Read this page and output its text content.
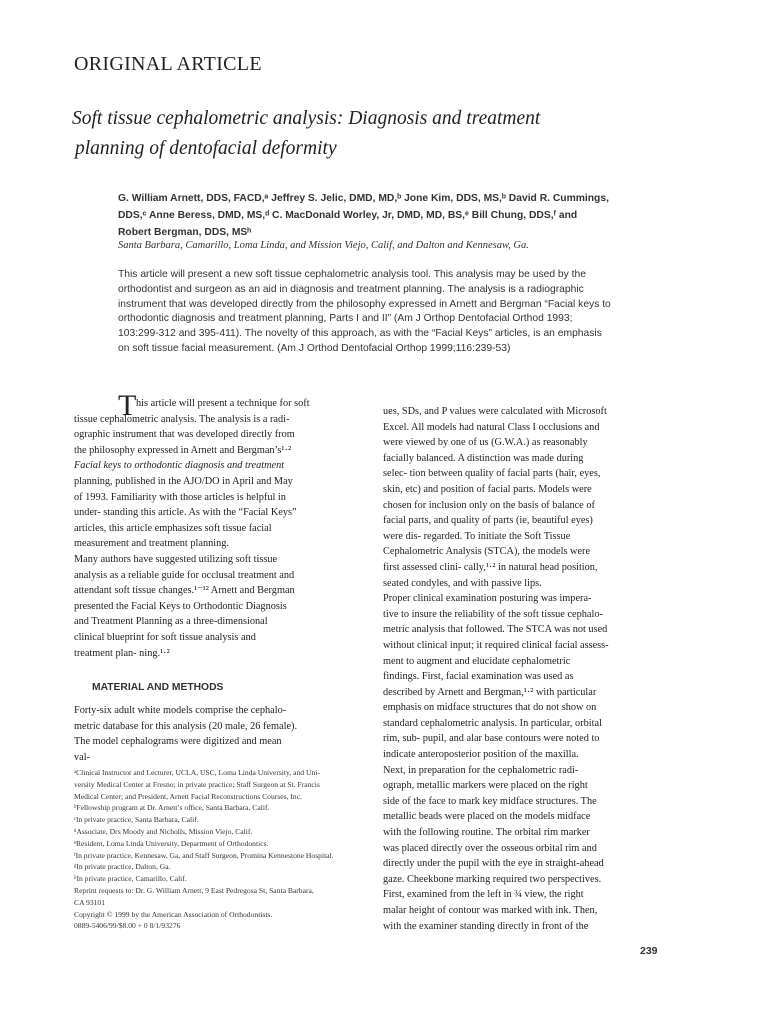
ORIGINAL ARTICLE
Soft tissue cephalometric analysis: Diagnosis and treatment
planning of dentofacial deformity
G. William Arnett, DDS, FACD,ᵃ Jeffrey S. Jelic, DMD, MD,ᵇ Jone Kim, DDS, MS,ᵇ David R. Cummings,
DDS,ᶜ Anne Beress, DMD, MS,ᵈ C. MacDonald Worley, Jr, DMD, MD, BS,ᵉ Bill Chung, DDS,ᶠ and
Robert Bergman, DDS, MSʰ
Santa Barbara, Camarillo, Loma Linda, and Mission Viejo, Calif, and Dalton and Kennesaw, Ga.
This article will present a new soft tissue cephalometric analysis tool. This analysis may be used by the
orthodontist and surgeon as an aid in diagnosis and treatment planning. The analysis is a radiographic
instrument that was developed directly from the philosophy expressed in Arnett and Bergman “Facial keys to
orthodontic diagnosis and treatment planning, Parts I and II” (Am J Orthop Dentofacial Orthod 1993;
103:299-312 and 395-411). The novelty of this approach, as with the “Facial Keys” articles, is an emphasis
on soft tissue facial measurement. (Am J Orthod Dentofacial Orthop 1999;116:239-53)
T his article will present a technique for soft
tissue cephalometric analysis. The analysis is a radi-
ographic instrument that was developed directly from
the philosophy expressed in Arnett and Bergman’s¹·²
Facial keys to orthodontic diagnosis and treatment
planning, published in the AJO/DO in April and May
of 1993. Familiarity with those articles is helpful in
under- standing this article. As with the “Facial Keys”
articles, this article emphasizes soft tissue facial
measurement and treatment planning.
Many authors have suggested utilizing soft tissue
analysis as a reliable guide for occlusal treatment and
attendant soft tissue changes.¹⁻¹² Arnett and Bergman
presented the Facial Keys to Orthodontic Diagnosis
and Treatment Planning as a three-dimensional
clinical blueprint for soft tissue analysis and
treatment plan- ning.¹·²
MATERIAL AND METHODS
Forty-six adult white models comprise the cephalo-
metric database for this analysis (20 male, 26 female).
The model cephalograms were digitized and mean
val-
ᵃClinical Instructor and Lecturer, UCLA, USC, Loma Linda University, and Uni-
versity Medical Center at Fresno; in private practice; Staff Surgeon at St. Francis
Medical Center; and President, Arnett Facial Reconstructions Courses, Inc.
ᵇFellowship program at Dr. Arnett’s office, Santa Barbara, Calif.
ᶜIn private practice, Santa Barbara, Calif.
ᵈAssociate, Drs Moody and Nicholls, Mission Viejo, Calif.
ᵉResident, Loma Linda University, Department of Orthodontics.
ᶠIn private practice, Kennesaw, Ga, and Staff Surgeon, Promina Kennestone Hospital.
ᵍIn private practice, Dalton, Ga.
ʰIn private practice, Camarillo, Calif.
Reprint requests to: Dr. G. William Arnett, 9 East Pedregosa St, Santa Barbara,
CA 93101
Copyright © 1999 by the American Association of Orthodontists.
0889-5406/99/$8.00 + 0 8/1/93276
ues, SDs, and P values were calculated with Microsoft
Excel. All models had natural Class I occlusions and
were viewed by one of us (G.W.A.) as reasonably
facially balanced. A distinction was made during
selec- tion between quality of facial parts (hair, eyes,
skin, etc) and position of facial parts. Models were
chosen for inclusion only on the basis of balance of
facial parts, and quality of parts (ie, beautiful eyes)
were dis- regarded. To initiate the Soft Tissue
Cephalometric Analysis (STCA), the models were
first assessed clini- cally,¹·² in natural head position,
seated condyles, and with passive lips.
Proper clinical examination posturing was impera-
tive to insure the reliability of the soft tissue cephalo-
metric analysis that followed. The STCA was not used
without clinical input; it required clinical facial assess-
ment to augment and elucidate cephalometric
findings. First, facial examination was used as
described by Arnett and Bergman,¹·² with particular
emphasis on midface structures that do not show on
standard cephalometric analysis. In particular, orbital
rim, sub- pupil, and alar base contours were noted to
indicate anteroposterior position of the maxilla.
Next, in preparation for the cephalometric radi-
ograph, metallic markers were placed on the right
side of the face to mark key midface structures. The
metallic beads were placed on the models midface
with the following routine. The orbital rim marker
was placed directly over the osseous orbital rim and
directly under the pupil with the eye in straight-ahead
gaze. Cheekbone marking required two perspectives.
First, examined from the left in ¾ view, the right
malar height of contour was marked with ink. Then,
with the examiner standing directly in front of the
239
